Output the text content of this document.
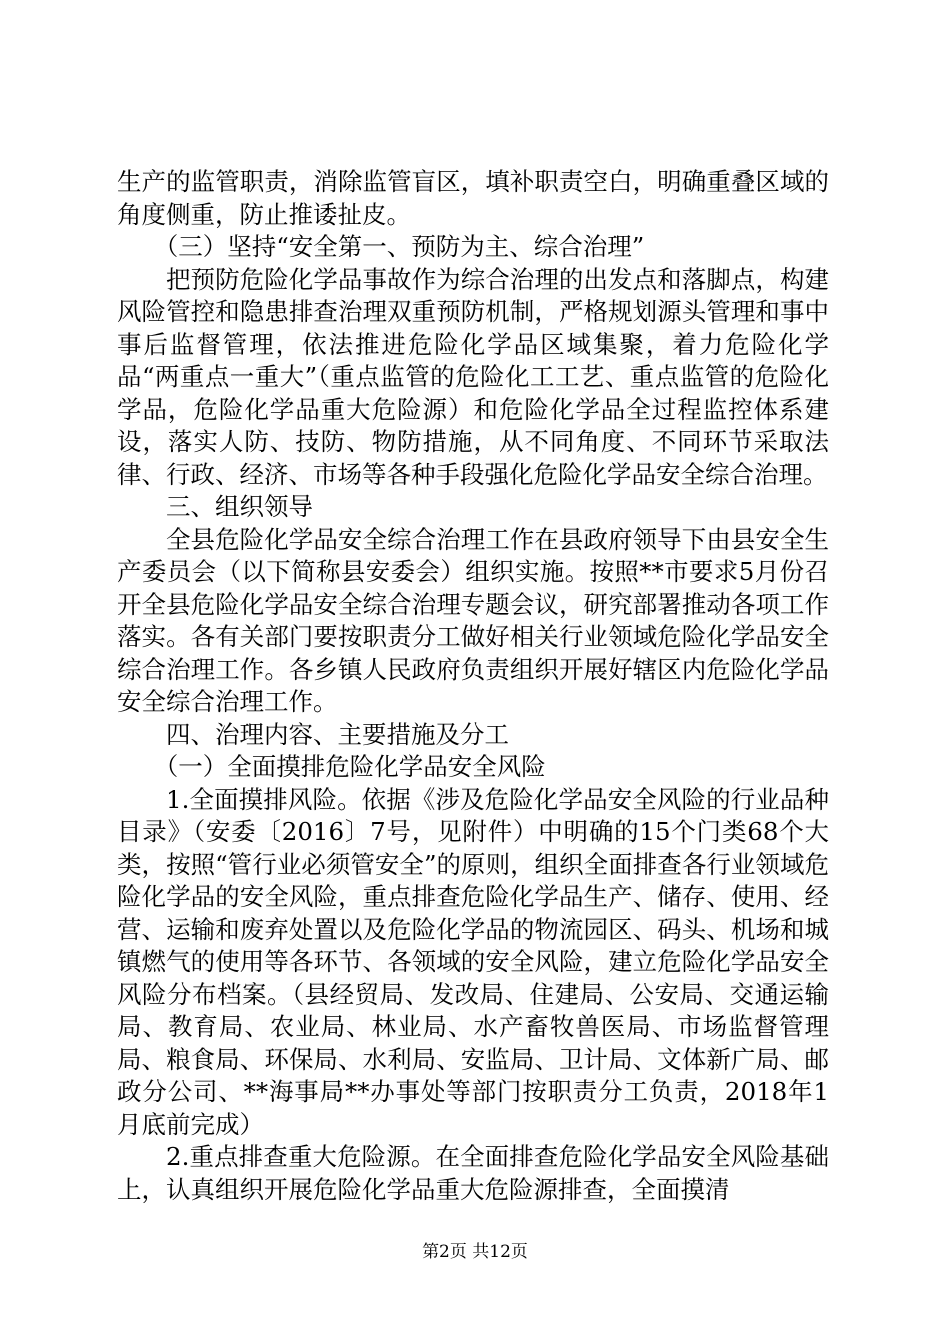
生产的监管职责，消除监管盲区，填补职责空白，明确重叠区域的角度侧重，防止推诿扯皮。

（三）坚持“安全第一、预防为主、综合治理”

把预防危险化学品事故作为综合治理的出发点和落脚点，构建风险管控和隐患排查治理双重预防机制，严格规划源头管理和事中事后监督管理，依法推进危险化学品区域集聚，着力危险化学品“两重点一重大”（重点监管的危险化工工艺、重点监管的危险化学品，危险化学品重大危险源）和危险化学品全过程监控体系建设，落实人防、技防、物防措施，从不同角度、不同环节采取法律、行政、经济、市场等各种手段强化危险化学品安全综合治理。

三、组织领导

全县危险化学品安全综合治理工作在县政府领导下由县安全生产委员会（以下简称县安委会）组织实施。按照**市要求5月份召开全县危险化学品安全综合治理专题会议，研究部署推动各项工作落实。各有关部门要按职责分工做好相关行业领域危险化学品安全综合治理工作。各乡镇人民政府负责组织开展好辖区内危险化学品安全综合治理工作。

四、治理内容、主要措施及分工

（一）全面摸排危险化学品安全风险

1.全面摸排风险。依据《涉及危险化学品安全风险的行业品种目录》（安委〔2016〕7号，见附件）中明确的15个门类68个大类，按照“管行业必须管安全”的原则，组织全面排查各行业领域危险化学品的安全风险，重点排查危险化学品生产、储存、使用、经营、运输和废弃处置以及危险化学品的物流园区、码头、机场和城镇燃气的使用等各环节、各领域的安全风险，建立危险化学品安全风险分布档案。（县经贸局、发改局、住建局、公安局、交通运输局、教育局、农业局、林业局、水产畜牧兽医局、市场监督管理局、粮食局、环保局、水利局、安监局、卫计局、文体新广局、邮政分公司、**海事局**办事处等部门按职责分工负责，2018年1月底前完成）

2.重点排查重大危险源。在全面排查危险化学品安全风险基础上，认真组织开展危险化学品重大危险源排查，全面摸清

第2页 共12页
